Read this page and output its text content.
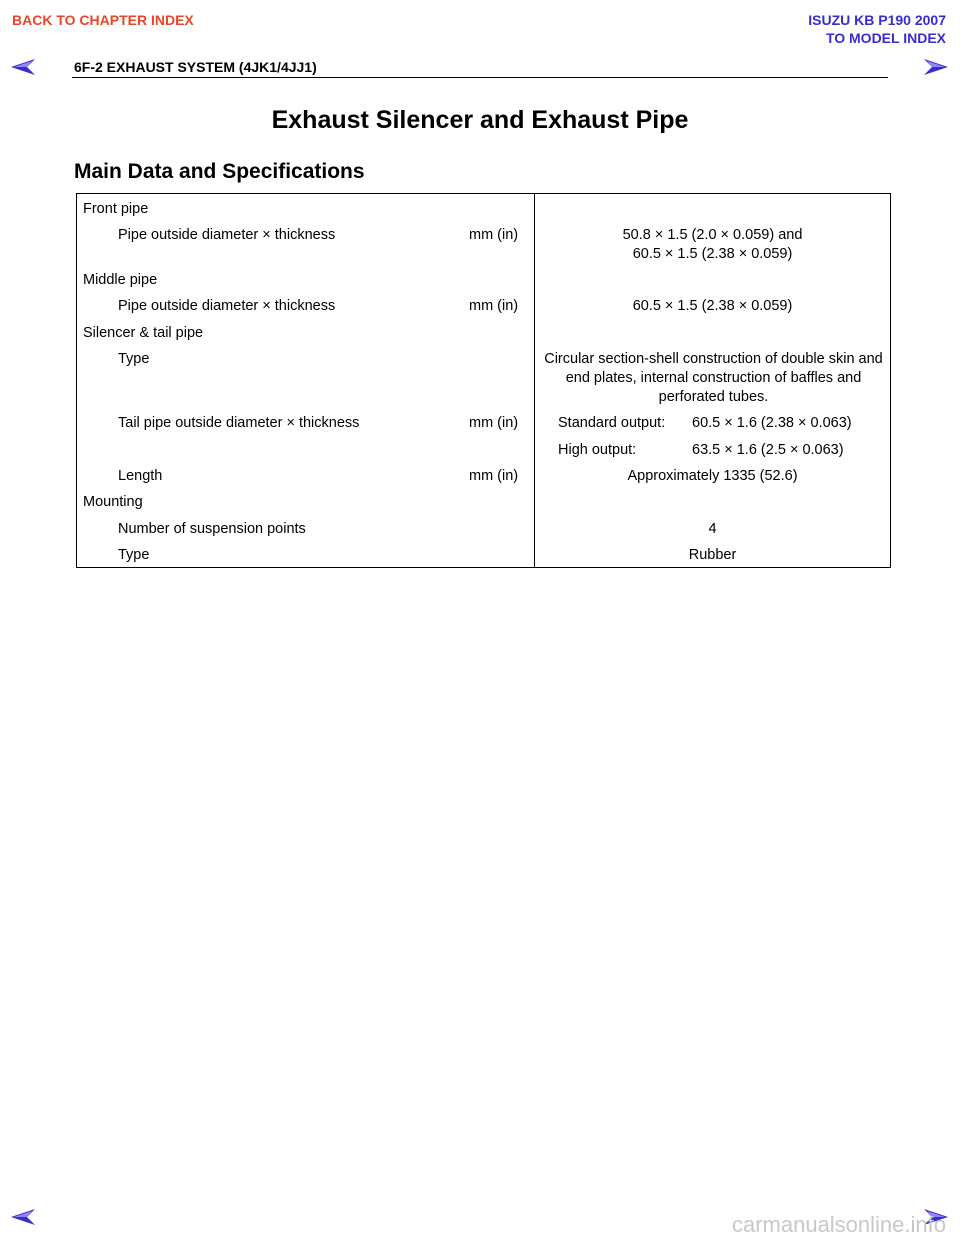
BACK TO CHAPTER INDEX	ISUZU KB P190 2007
TO MODEL INDEX
6F-2 EXHAUST SYSTEM (4JK1/4JJ1)
Exhaust Silencer and Exhaust Pipe
Main Data and Specifications
Front pipe
Pipe outside diameter × thickness	mm (in)	50.8 × 1.5 (2.0 × 0.059) and
60.5 × 1.5 (2.38 × 0.059)
Middle pipe
Pipe outside diameter × thickness	mm (in)	60.5 × 1.5 (2.38 × 0.059)
Silencer & tail pipe
Type	Circular section-shell construction of double skin and end plates, internal construction of baffles and perforated tubes.
Tail pipe outside diameter × thickness	mm (in)	Standard output: 60.5 × 1.6 (2.38 × 0.063)
High output:	63.5 × 1.6 (2.5 × 0.063)
Length	mm (in)	Approximately 1335 (52.6)
Mounting
Number of suspension points	4
Type	Rubber
carmanualsonline.info
